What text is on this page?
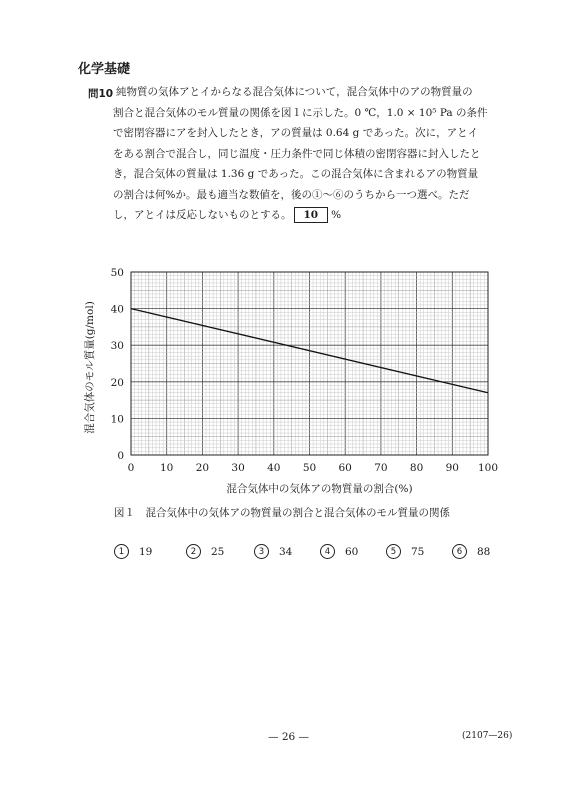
化学基礎
問10 純物質の気体アとイからなる混合気体について，混合気体中のアの物質量の
割合と混合気体のモル質量の関係を図１に示した。0 ℃，1.0 × 10⁵ Pa の条件
で密閉容器にアを封入したとき，アの質量は 0.64 g であった。次に，アとイ
をある割合で混合し，同じ温度・圧力条件で同じ体積の密閉容器に封入したと
き，混合気体の質量は 1.36 g であった。この混合気体に含まれるアの物質量
の割合は何%か。最も適当な数値を，後の①〜⑥のうちから一つ選べ。ただ
し，アとイは反応しないものとする。 10 %
0 10 20 30 40 50 60 70 80 90 100
0
10
20
30
40
50
混合気体中の気体アの物質量の割合(%)
混合気体のモル質量(g/mol)
図１　混合気体中の気体アの物質量の割合と混合気体のモル質量の関係
1	19	2	25	3	34	4	60	5	75	6	88
— 26 —	(2107—26)
